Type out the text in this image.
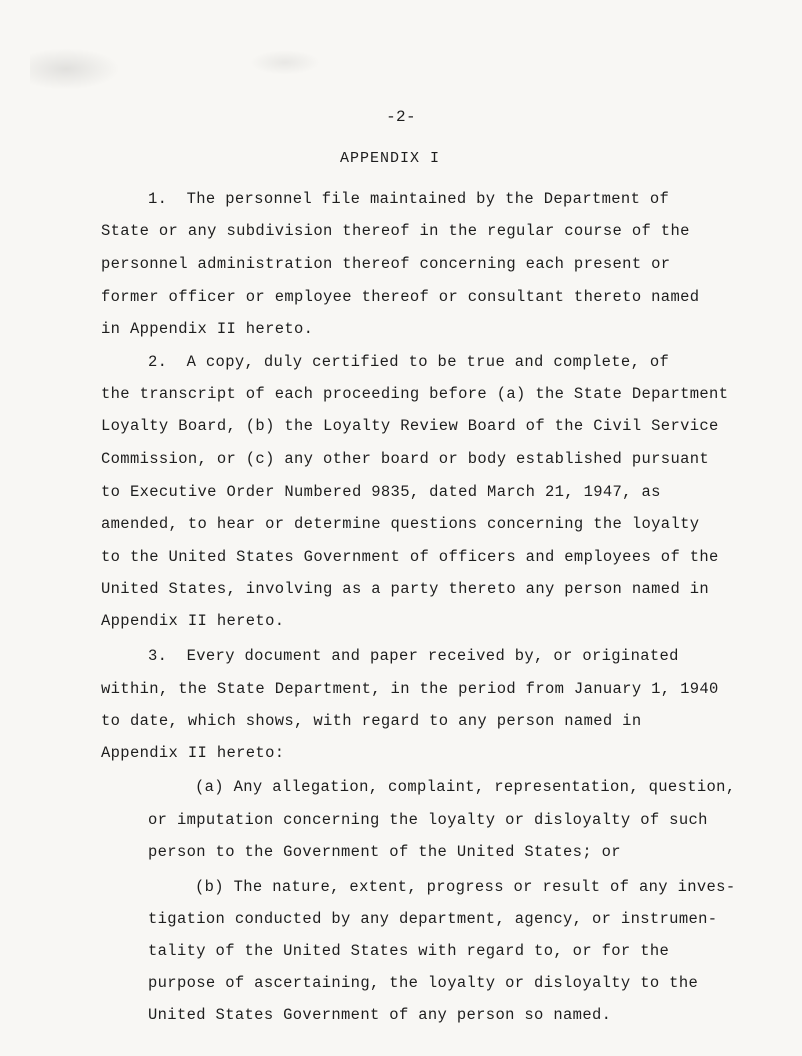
-2-
APPENDIX I
1.  The personnel file maintained by the Department of
State or any subdivision thereof in the regular course of the
personnel administration thereof concerning each present or
former officer or employee thereof or consultant thereto named
in Appendix II hereto.
2.  A copy, duly certified to be true and complete, of
the transcript of each proceeding before (a) the State Department
Loyalty Board, (b) the Loyalty Review Board of the Civil Service
Commission, or (c) any other board or body established pursuant
to Executive Order Numbered 9835, dated March 21, 1947, as
amended, to hear or determine questions concerning the loyalty
to the United States Government of officers and employees of the
United States, involving as a party thereto any person named in
Appendix II hereto.
3.  Every document and paper received by, or originated
within, the State Department, in the period from January 1, 1940
to date, which shows, with regard to any person named in
Appendix II hereto:
(a) Any allegation, complaint, representation, question,
or imputation concerning the loyalty or disloyalty of such
person to the Government of the United States; or
(b) The nature, extent, progress or result of any inves-
tigation conducted by any department, agency, or instrumen-
tality of the United States with regard to, or for the
purpose of ascertaining, the loyalty or disloyalty to the
United States Government of any person so named.
